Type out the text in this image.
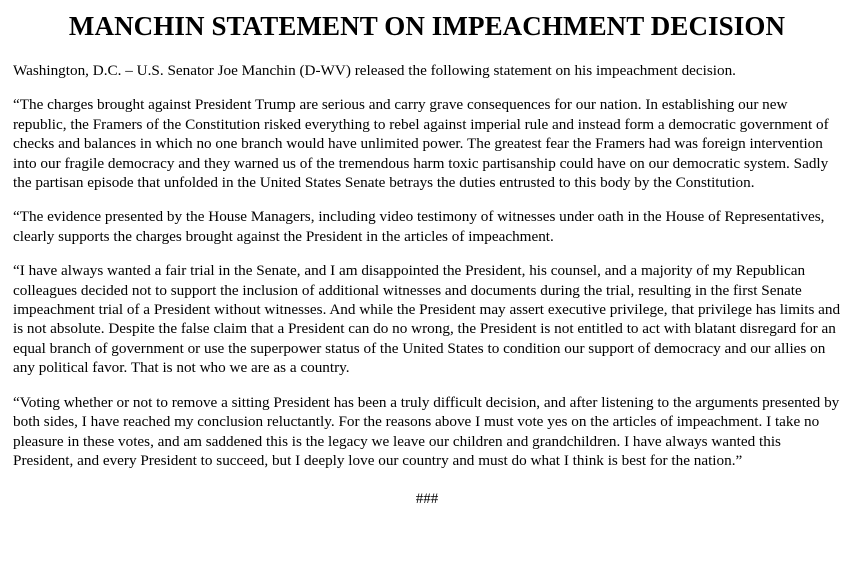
MANCHIN STATEMENT ON IMPEACHMENT DECISION

Washington, D.C. – U.S. Senator Joe Manchin (D-WV) released the following statement on his impeachment decision.

“The charges brought against President Trump are serious and carry grave consequences for our nation. In establishing our new republic, the Framers of the Constitution risked everything to rebel against imperial rule and instead form a democratic government of checks and balances in which no one branch would have unlimited power. The greatest fear the Framers had was foreign intervention into our fragile democracy and they warned us of the tremendous harm toxic partisanship could have on our democratic system. Sadly the partisan episode that unfolded in the United States Senate betrays the duties entrusted to this body by the Constitution.

“The evidence presented by the House Managers, including video testimony of witnesses under oath in the House of Representatives, clearly supports the charges brought against the President in the articles of impeachment.

“I have always wanted a fair trial in the Senate, and I am disappointed the President, his counsel, and a majority of my Republican colleagues decided not to support the inclusion of additional witnesses and documents during the trial, resulting in the first Senate impeachment trial of a President without witnesses. And while the President may assert executive privilege, that privilege has limits and is not absolute. Despite the false claim that a President can do no wrong, the President is not entitled to act with blatant disregard for an equal branch of government or use the superpower status of the United States to condition our support of democracy and our allies on any political favor. That is not who we are as a country.

“Voting whether or not to remove a sitting President has been a truly difficult decision, and after listening to the arguments presented by both sides, I have reached my conclusion reluctantly. For the reasons above I must vote yes on the articles of impeachment. I take no pleasure in these votes, and am saddened this is the legacy we leave our children and grandchildren. I have always wanted this President, and every President to succeed, but I deeply love our country and must do what I think is best for the nation.”

###
